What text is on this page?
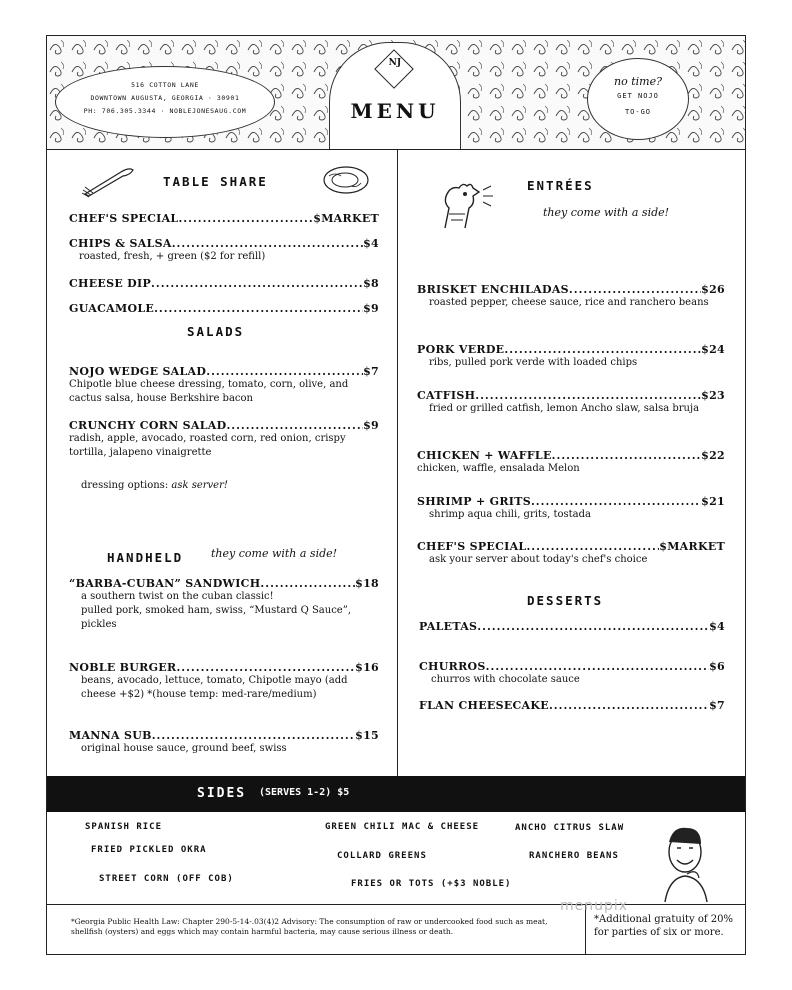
516 COTTON LANE
DOWNTOWN AUGUSTA, GEORGIA · 30901
PH: 706.305.3344 · NOBLEJONESAUG.COM
NJ
MENU
no time?
GET NOJO
TO-GO
TABLE SHARE
CHEF'S SPECIAL .....	$MARKET
CHIPS & SALSA .....	$4
roasted, fresh, + green ($2 for refill)
CHEESE DIP .....	$8
GUACAMOLE .....	$9
SALADS
NOJO WEDGE SALAD .....	$7
Chipotle blue cheese dressing, tomato, corn, olive, and cactus salsa, house Berkshire bacon
CRUNCHY CORN SALAD .....	$9
radish, apple, avocado, roasted corn, red onion, crispy tortilla, jalapeno vinaigrette
dressing options: ask server!
HANDHELD	they come with a side!
“BARBA-CUBAN” SANDWICH .....	$18
a southern twist on the cuban classic!
pulled pork, smoked ham, swiss, “Mustard Q Sauce”, pickles
NOBLE BURGER .....	$16
beans, avocado, lettuce, tomato, Chipotle mayo (add cheese +$2) *(house temp: med-rare/medium)
MANNA SUB .....	$15
original house sauce, ground beef, swiss
ENTRÉES
they come with a side!
BRISKET ENCHILADAS .....	$26
roasted pepper, cheese sauce, rice and ranchero beans
PORK VERDE .....	$24
ribs, pulled pork verde with loaded chips
CATFISH .....	$23
fried or grilled catfish, lemon Ancho slaw, salsa bruja
CHICKEN + WAFFLE .....	$22
chicken, waffle, ensalada Melon
SHRIMP + GRITS .....	$21
shrimp aqua chili, grits, tostada
CHEF'S SPECIAL .....	$MARKET
ask your server about today's chef's choice
DESSERTS
PALETAS .....	$4
CHURROS .....	$6
churros with chocolate sauce
FLAN CHEESECAKE .....	$7
SIDES (SERVES 1-2) $5
SPANISH RICE
FRIED PICKLED OKRA
STREET CORN (OFF COB)
GREEN CHILI MAC & CHEESE
COLLARD GREENS
FRIES OR TOTS (+$3 NOBLE)
ANCHO CITRUS SLAW
RANCHERO BEANS
*Georgia Public Health Law: Chapter 290-5-14-.03(4)2 Advisory: The consumption of raw or undercooked food such as meat, shellfish (oysters) and eggs which may contain harmful bacteria, may cause serious illness or death.
*Additional gratuity of 20% for parties of six or more.
menupix
